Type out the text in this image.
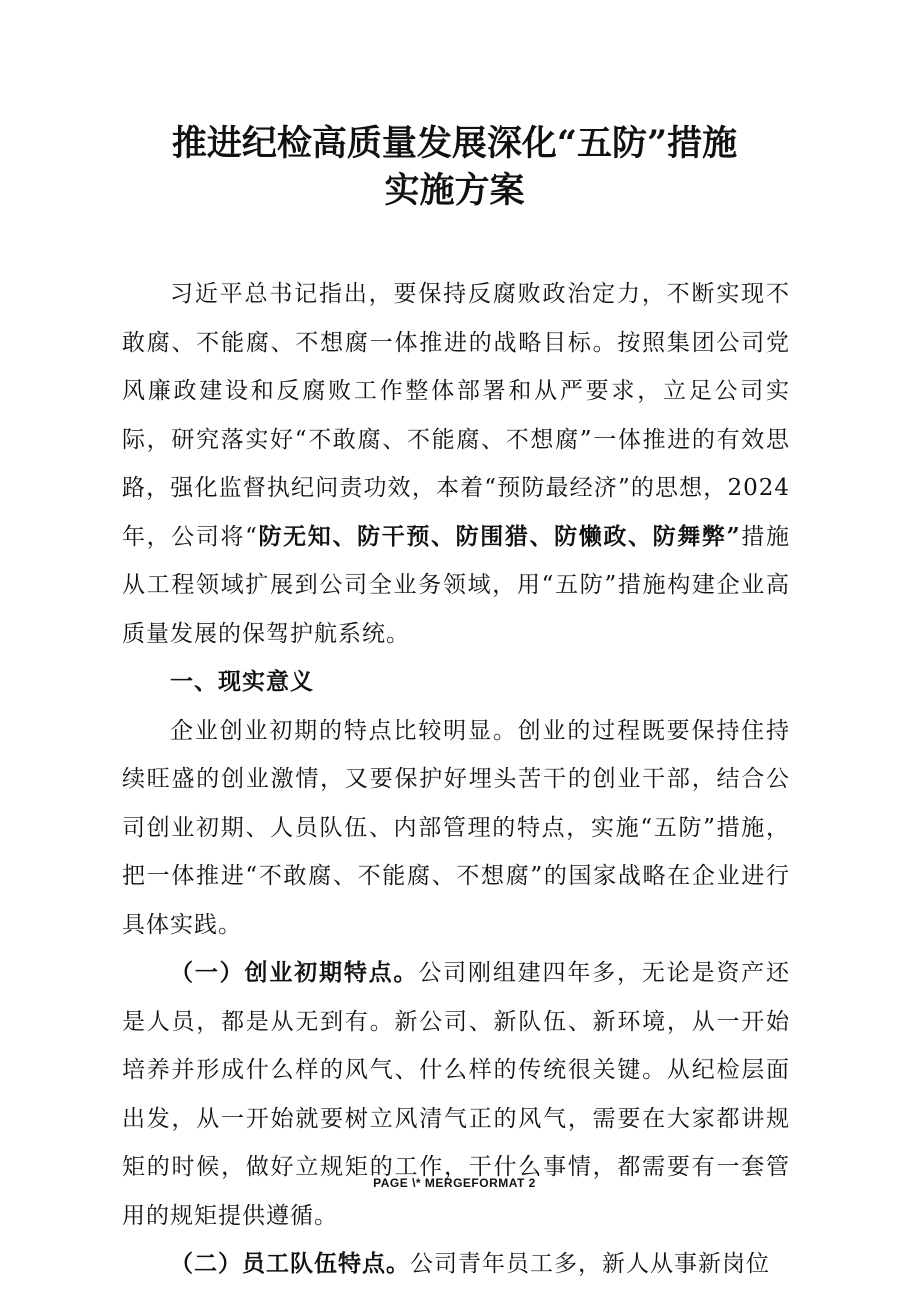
推进纪检高质量发展深化“五防”措施
实施方案

习近平总书记指出，要保持反腐败政治定力，不断实现不敢腐、不能腐、不想腐一体推进的战略目标。按照集团公司党风廉政建设和反腐败工作整体部署和从严要求，立足公司实际，研究落实好“不敢腐、不能腐、不想腐”一体推进的有效思路，强化监督执纪问责功效，本着“预防最经济”的思想，2024年，公司将“防无知、防干预、防围猎、防懒政、防舞弊”措施从工程领域扩展到公司全业务领域，用“五防”措施构建企业高质量发展的保驾护航系统。

一、现实意义

企业创业初期的特点比较明显。创业的过程既要保持住持续旺盛的创业激情，又要保护好埋头苦干的创业干部，结合公司创业初期、人员队伍、内部管理的特点，实施“五防”措施，把一体推进“不敢腐、不能腐、不想腐”的国家战略在企业进行具体实践。

（一）创业初期特点。公司刚组建四年多，无论是资产还是人员，都是从无到有。新公司、新队伍、新环境，从一开始培养并形成什么样的风气、什么样的传统很关键。从纪检层面出发，从一开始就要树立风清气正的风气，需要在大家都讲规矩的时候，做好立规矩的工作，干什么事情，都需要有一套管用的规矩提供遵循。

（二）员工队伍特点。公司青年员工多，新人从事新岗位

PAGE \* MERGEFORMAT 2
